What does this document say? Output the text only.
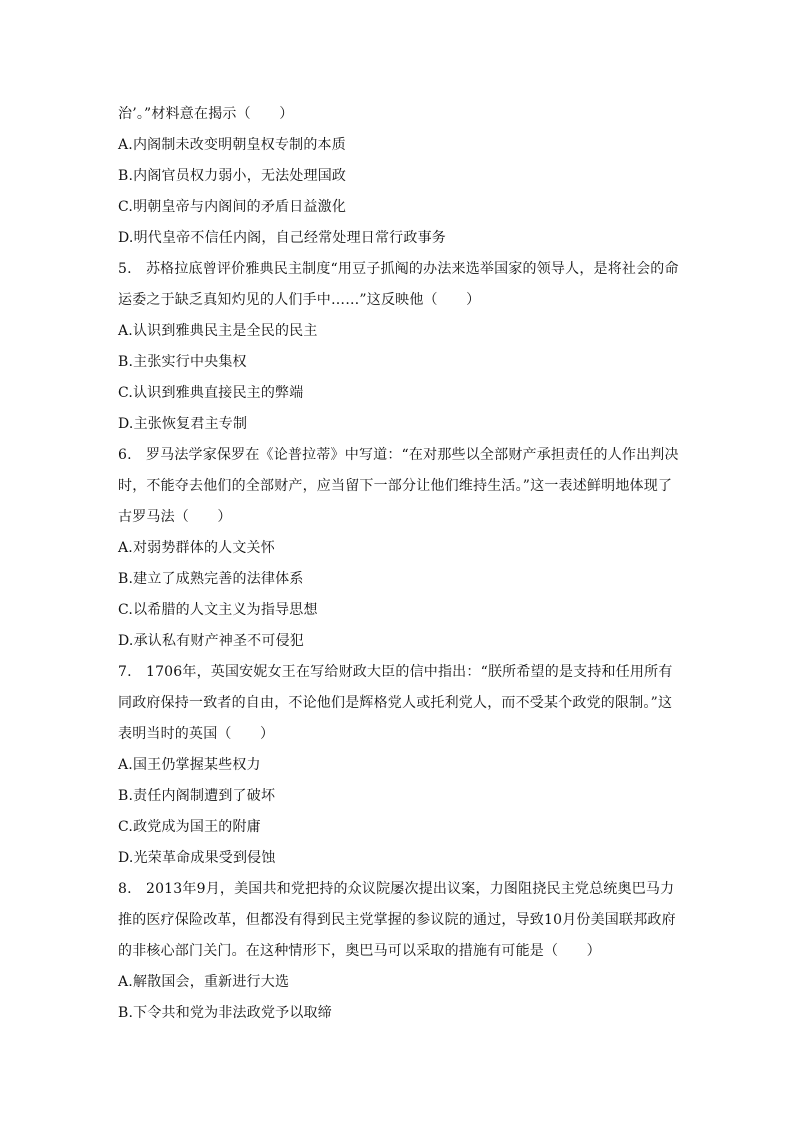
治’。”材料意在揭示（　　）
A.内阁制未改变明朝皇权专制的本质
B.内阁官员权力弱小，无法处理国政
C.明朝皇帝与内阁间的矛盾日益激化
D.明代皇帝不信任内阁，自己经常处理日常行政事务
5.　苏格拉底曾评价雅典民主制度“用豆子抓阄的办法来选举国家的领导人，是将社会的命
运委之于缺乏真知灼见的人们手中……”这反映他（　　）
A.认识到雅典民主是全民的民主
B.主张实行中央集权
C.认识到雅典直接民主的弊端
D.主张恢复君主专制
6.　罗马法学家保罗在《论普拉蒂》中写道：“在对那些以全部财产承担责任的人作出判决
时，不能夺去他们的全部财产，应当留下一部分让他们维持生活。”这一表述鲜明地体现了
古罗马法（　　）
A.对弱势群体的人文关怀
B.建立了成熟完善的法律体系
C.以希腊的人文主义为指导思想
D.承认私有财产神圣不可侵犯
7.　1706年，英国安妮女王在写给财政大臣的信中指出：“朕所希望的是支持和任用所有
同政府保持一致者的自由，不论他们是辉格党人或托利党人，而不受某个政党的限制。”这
表明当时的英国（　　）
A.国王仍掌握某些权力
B.责任内阁制遭到了破坏
C.政党成为国王的附庸
D.光荣革命成果受到侵蚀
8.　2013年9月，美国共和党把持的众议院屡次提出议案，力图阻挠民主党总统奥巴马力
推的医疗保险改革，但都没有得到民主党掌握的参议院的通过，导致10月份美国联邦政府
的非核心部门关门。在这种情形下，奥巴马可以采取的措施有可能是（　　）
A.解散国会，重新进行大选
B.下令共和党为非法政党予以取缔
